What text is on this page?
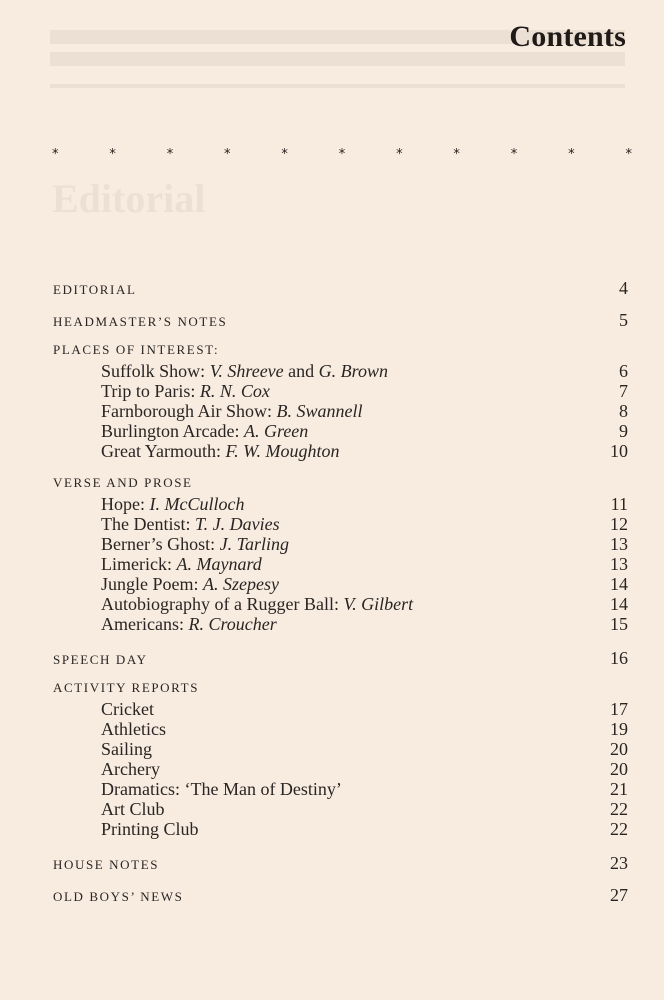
Editorial
Contents
*	*	*	*	*	*	*	*	*	*	*
EDITORIAL	4
HEADMASTER’S NOTES	5
PLACES OF INTEREST:
Suffolk Show: V. Shreeve and G. Brown	6
Trip to Paris: R. N. Cox	7
Farnborough Air Show: B. Swannell	8
Burlington Arcade: A. Green	9
Great Yarmouth: F. W. Moughton	10
VERSE AND PROSE
Hope: I. McCulloch	11
The Dentist: T. J. Davies	12
Berner’s Ghost: J. Tarling	13
Limerick: A. Maynard	13
Jungle Poem: A. Szepesy	14
Autobiography of a Rugger Ball: V. Gilbert	14
Americans: R. Croucher	15
SPEECH DAY	16
ACTIVITY REPORTS
Cricket	17
Athletics	19
Sailing	20
Archery	20
Dramatics: ‘The Man of Destiny’	21
Art Club	22
Printing Club	22
HOUSE NOTES	23
OLD BOYS’ NEWS	27
